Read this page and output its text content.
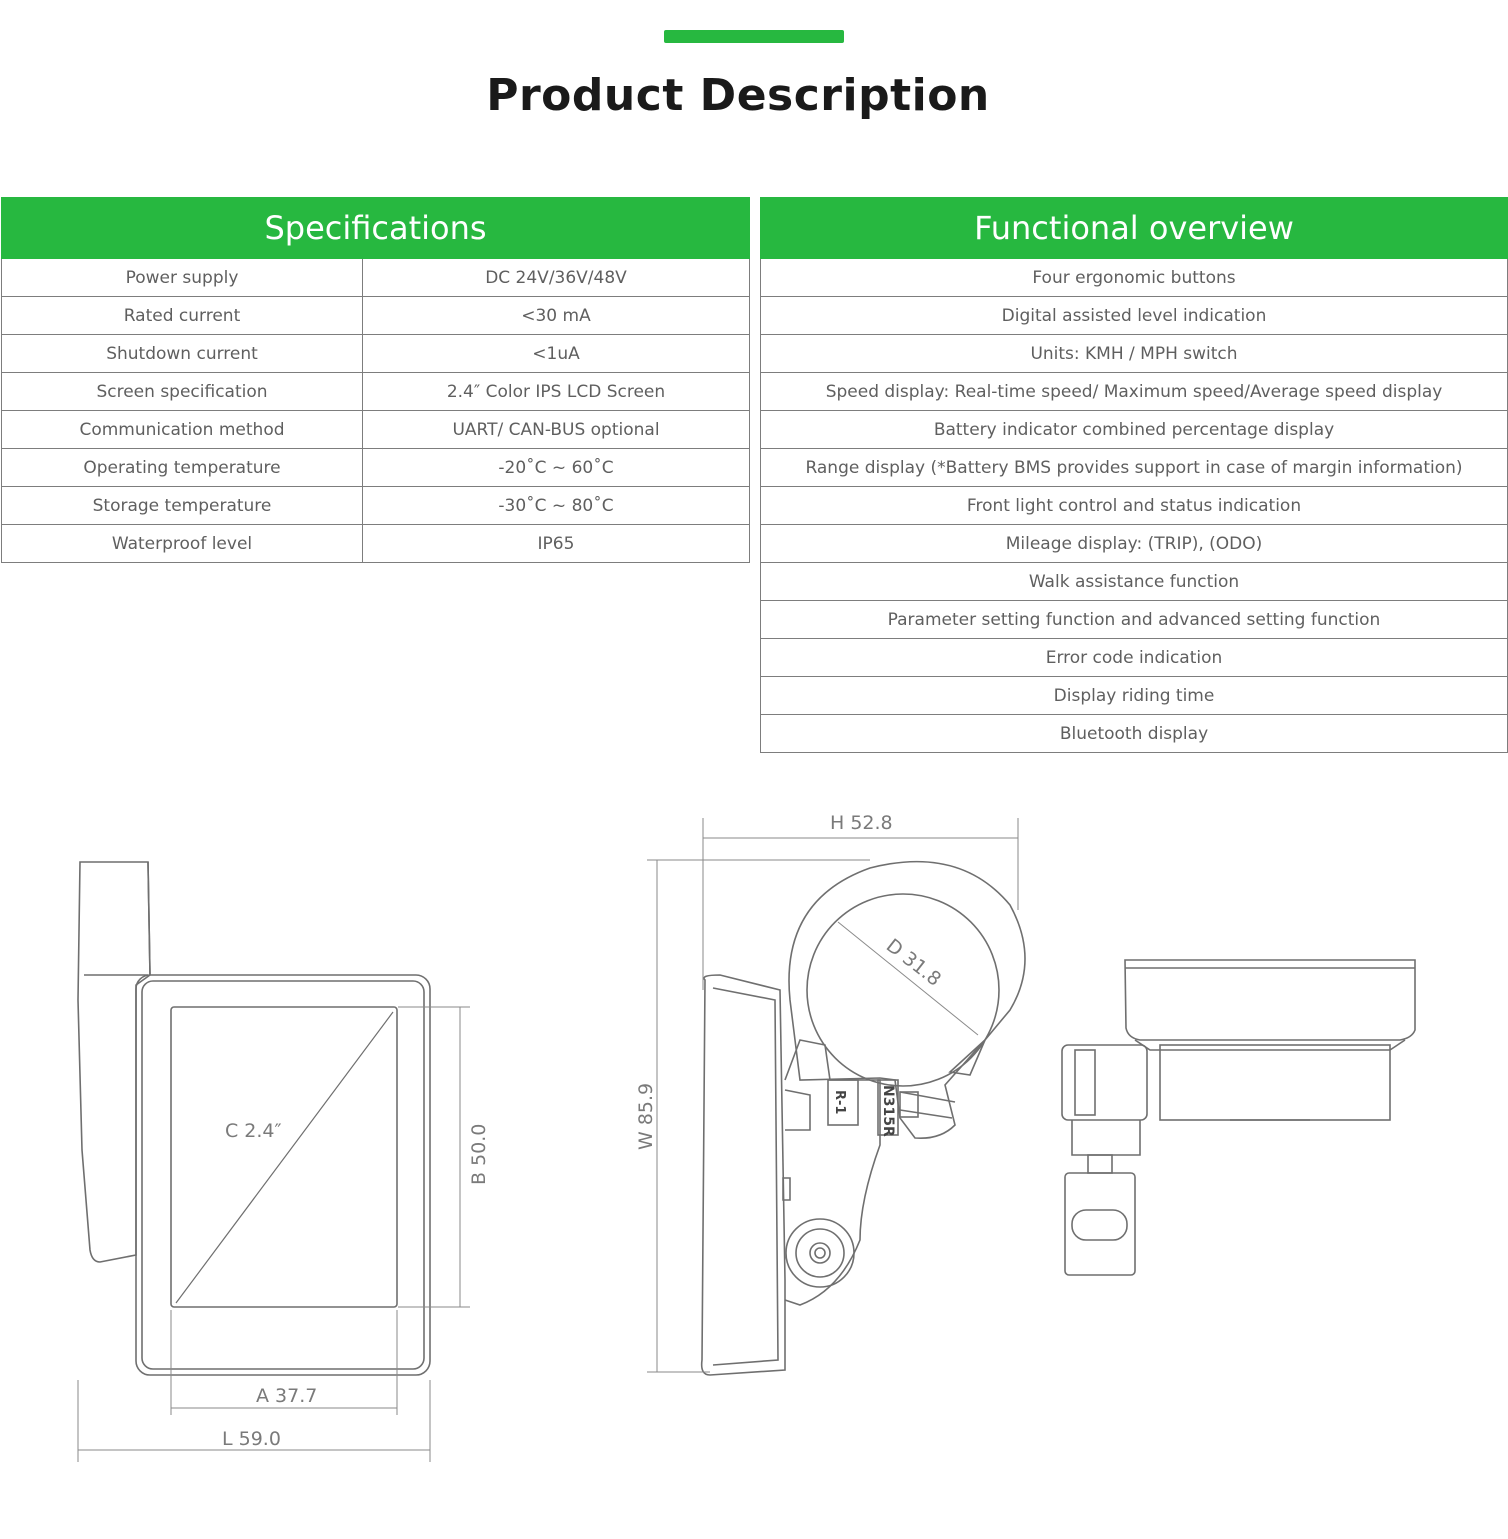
Product Description
Specifications	
Power supply	DC 24V/36V/48V
Rated current	<30 mA
Shutdown current	<1uA
Screen specification	2.4″ Color IPS LCD Screen
Communication method	UART/ CAN-BUS optional
Operating temperature	-20˚C ~ 60˚C
Storage temperature	-30˚C ~ 80˚C
Waterproof level	IP65
Functional overview
Four ergonomic buttons
Digital assisted level indication
Units: KMH / MPH switch
Speed display: Real-time speed/ Maximum speed/Average speed display
Battery indicator combined percentage display
Range display (*Battery BMS provides support in case of margin information)
Front light control and status indication
Mileage display: (TRIP), (ODO)
Walk assistance function
Parameter setting function and advanced setting function
Error code indication
Display riding time
Bluetooth display
C 2.4″	B 50.0
A 37.7
L 59.0
H 52.8
D 31.8
W 85.9	N315R
R-1
